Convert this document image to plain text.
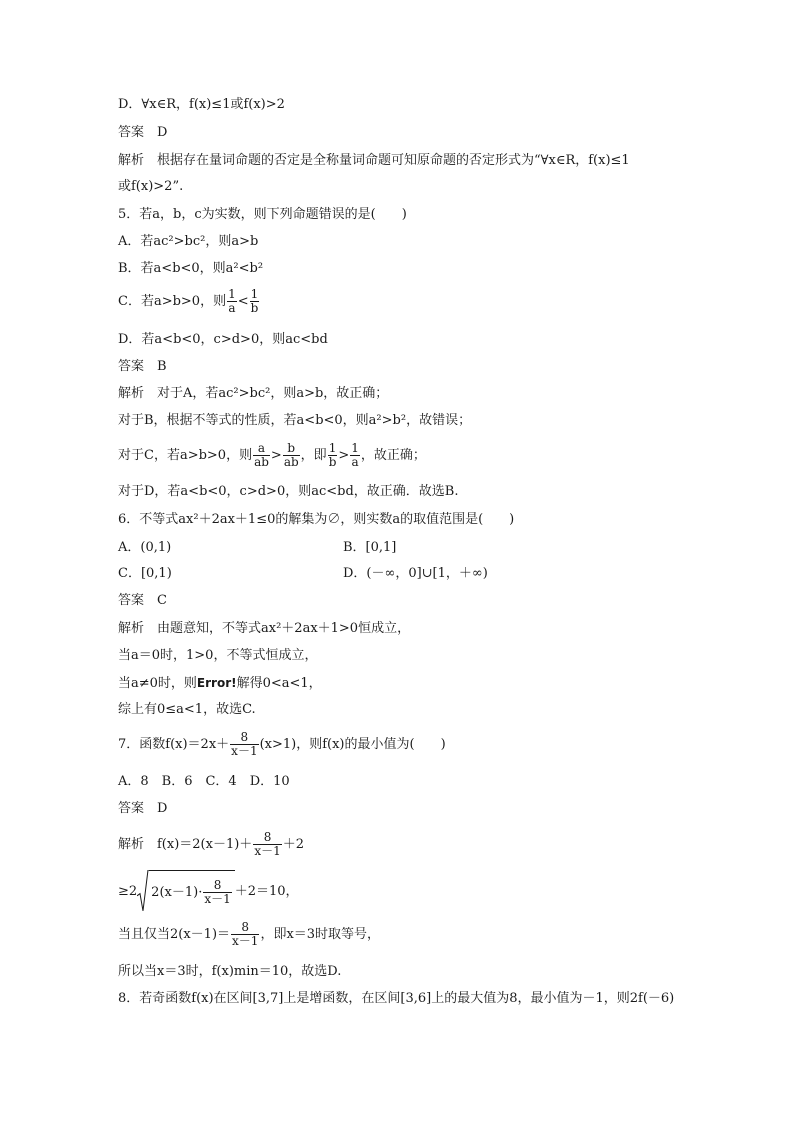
D．∀x∈R，f(x)≤1或f(x)>2
答案　D
解析　根据存在量词命题的否定是全称量词命题可知原命题的否定形式为“∀x∈R，f(x)≤1
或f(x)>2”.
5．若a，b，c为实数，则下列命题错误的是(　　)
A．若ac²>bc²，则a>b
B．若a<b<0，则a²<b²
C．若a>b>0，则 $\frac{1}{a} < \frac{1}{b}$
D．若a<b<0，c>d>0，则ac<bd
答案　B
解析　对于A，若ac²>bc²，则a>b，故正确；
对于B，根据不等式的性质，若a<b<0，则a²>b²，故错误；
对于C，若a>b>0，则 $\frac{a}{ab} > \frac{b}{ab}$ ，即 $\frac{1}{b} > \frac{1}{a}$ ，故正确；
对于D，若a<b<0，c>d>0，则ac<bd，故正确．故选B.
6．不等式ax²＋2ax＋1≤0的解集为∅，则实数a的取值范围是(　　)
A．(0,1)	B．[0,1]
C．[0,1)	D．(－∞，0]∪[1，＋∞)
答案　C
解析　由题意知，不等式ax²＋2ax＋1>0恒成立，
当a＝0时，1>0，不等式恒成立，
当a≠0时，则Error!解得0<a<1，
综上有0≤a<1，故选C.
7．函数$f(x)=2x+ \frac{8}{x-1} (x>1)$，则f(x)的最小值为(　　)
A．8　B．6　C．4　D．10
答案　D
解析　$f(x)=2(x-1)+ \frac{8}{x-1} +2$
≥2 $2(x-1)\cdot \frac{8}{x-1} +2=10$，
当且仅当$2(x-1)= \frac{8}{x-1}$ ，即x＝3时取等号，
所以当x＝3时，f(x)min＝10，故选D.
8．若奇函数f(x)在区间[3,7]上是增函数，在区间[3,6]上的最大值为8，最小值为－1，则2f(－6)
